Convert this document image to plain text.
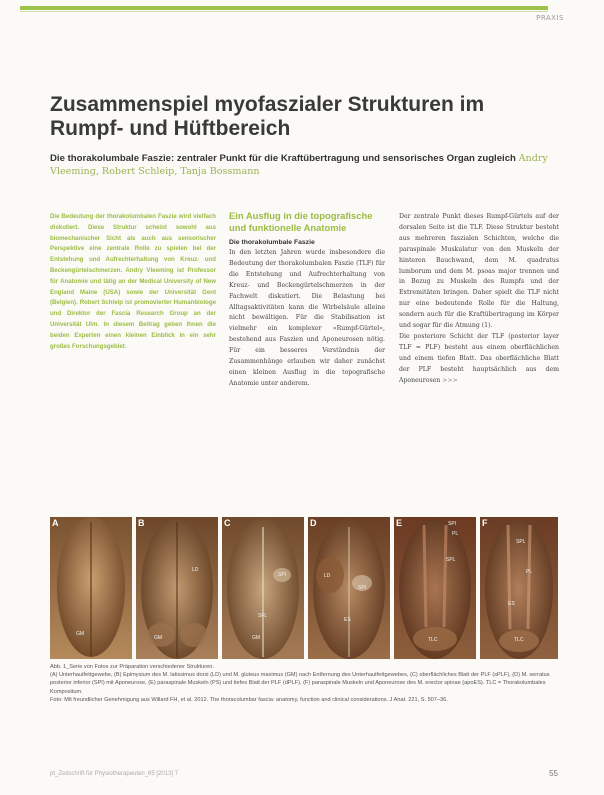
PRAXIS
Zusammenspiel myofaszialer Strukturen im
Rumpf- und Hüftbereich

Die thorakolumbale Faszie: zentraler Punkt für die Kraftübertragung und sensorisches Organ zugleich Andry Vleeming, Robert Schleip, Tanja Bossmann

Die Bedeutung der thorakolumbalen Faszie wird vielfach diskutiert. Diese Struktur scheint sowohl aus biomechanischer Sicht als auch aus sensorischer Perspektive eine zentrale Rolle zu spielen bei der Entstehung und Aufrechterhaltung von Kreuz- und Beckengürtelschmerzen. Andry Vleeming ist Professor für Anatomie und tätig an der Medical University of New England Maine (USA) sowie der Universität Gent (Belgien). Robert Schleip ist promovierter Humanbiologe und Direktor der Fascia Research Group an der Universität Ulm. In diesem Beitrag geben Ihnen die beiden Experten einen kleinen Einblick in ein sehr großes Forschungsgebiet.

Ein Ausflug in die topografische und funktionelle Anatomie
Die thorakolumbale Faszie

In den letzten Jahren wurde insbesondere die Bedeutung der thorakolumbalen Faszie (TLF) für die Entstehung und Aufrechterhaltung von Kreuz- und Beckengürtelschmerzen in der Fachwelt diskutiert. Die Belastung bei Alltagsaktivitäten kann die Wirbelsäule alleine nicht bewältigen. Für die Stabilisation ist vielmehr ein komplexer »Rumpf-Gürtel«, bestehend aus Faszien und Aponeurosen nötig. Für ein besseres Verständnis der Zusammenhänge erlauben wir daher zunächst einen kleinen Ausflug in die topografische Anatomie unter anderem.

Der zentrale Punkt dieses Rumpf-Gürtels auf der dorsalen Seite ist die TLF. Diese Struktur besteht aus mehreren faszialen Schichten, welche die paraspinale Muskulatur von den Muskeln der hinteren Bauchwand, dem M. quadratus lumborum und dem M. psoas major trennen und in Bezug zu Muskeln des Rumpfs und der Extremitäten bringen. Daher spielt die TLF nicht nur eine bedeutende Rolle für die Haltung, sondern auch für die Kraftübertragung im Körper und sogar für die Atmung (1).

Die posteriore Schicht der TLF (posterior layer TLF = PLF) besteht aus einem oberflächlichen und einem tiefen Blatt. Das oberflächliche Blatt der PLF besteht hauptsächlich aus dem Aponeurosen >>>

A
GM
B
LD
GM
C
SPI
SFL
GM
D
LD
SPI
ES
E	SPI
PL
SPL
TLC
F
SPL
PL
ES
TLC
Abb. 1_Serie von Fotos zur Präparation verschiedener Strukturen.
(A) Unterhautfettgewebe, (B) Epimysium des M. latissimus dorsi (LD) und M. gluteus maximus (GM) nach Entfernung des Unterhautfettgewebes, (C) oberflächliches Blatt der PLF (sPLF), (D) M. serratus posterior inferior (SPI) mit Aponeurose, (E) paraspinale Muskeln (PS) und tiefes Blatt der PLF (dPLF), (F) paraspinale Muskeln und Aponeurose des M. erector spinae (apoES). TLC = Thorakolumbales Kompositum.
Foto: Mit freundlicher Genehmigung aus Willard FH, et al. 2012. The thoracolumbar fascia: anatomy, function and clinical considerations. J Anat. 221, S. 507–36.
pt_Zeitschrift für Physiotherapeuten_65 [2013] 7	55
